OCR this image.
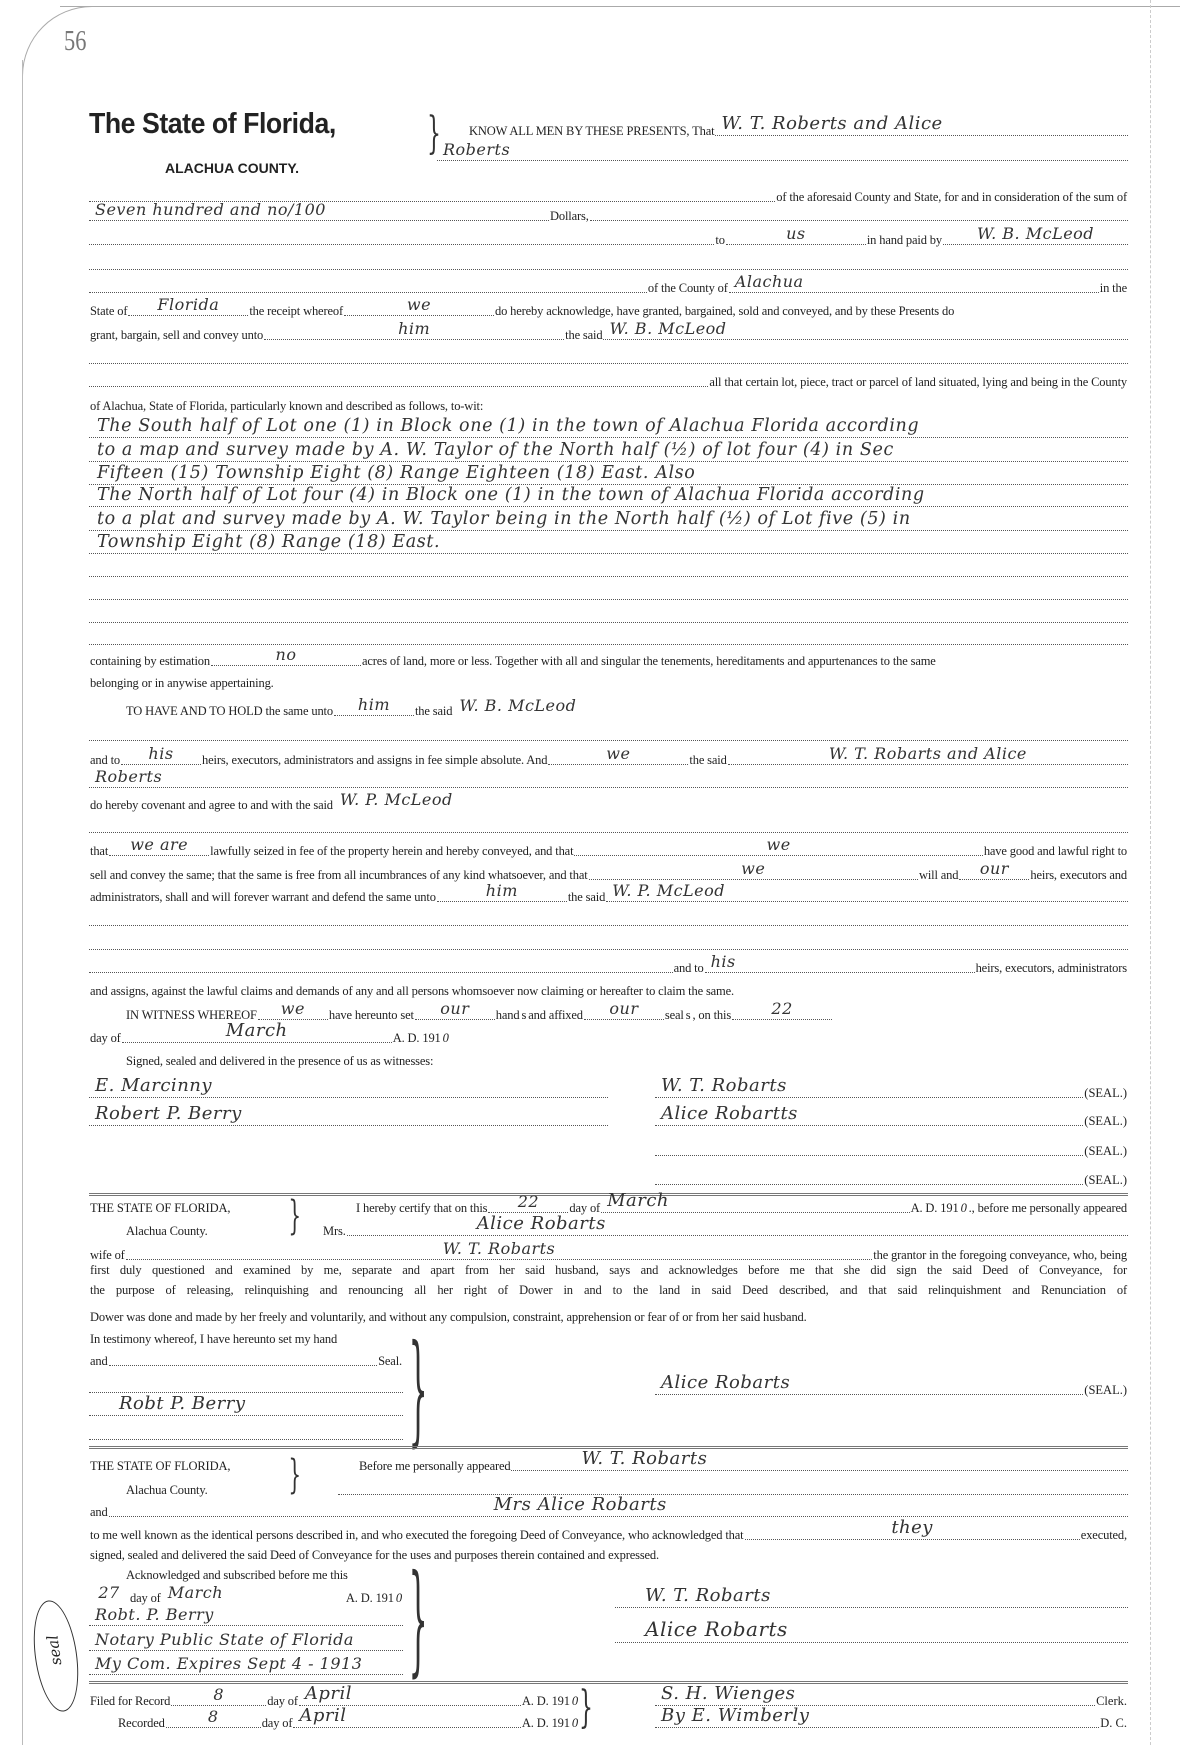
56
The State of Florida,
ALACHUA COUNTY.
} KNOW ALL MEN BY THESE PRESENTS, That W. T. Roberts and Alice
Roberts
of the aforesaid County and State, for and in consideration of the sum of
Seven hundred and no/100	Dollars,
to	us	in hand paid by	W. B. McLeod
of the County of Alachua	in the
State of	Florida	the receipt whereof	we	do hereby acknowledge, have granted, bargained, sold and conveyed, and by these Presents do
grant, bargain, sell and convey unto	him	the said W. B. McLeod
all that certain lot, piece, tract or parcel of land situated, lying and being in the County
of Alachua, State of Florida, particularly known and described as follows, to-wit:
The South half of Lot one (1) in Block one (1) in the town of Alachua Florida according
to a map and survey made by A. W. Taylor of the North half (½) of lot four (4) in Sec
Fifteen (15) Township Eight (8) Range Eighteen (18) East. Also
The North half of Lot four (4) in Block one (1) in the town of Alachua Florida according
to a plat and survey made by A. W. Taylor being in the North half (½) of Lot five (5) in
Township Eight (8) Range (18) East.
containing by estimation	no	acres of land, more or less. Together with all and singular the tenements, hereditaments and appurtenances to the same
belonging or in anywise appertaining.
TO HAVE AND TO HOLD the same unto	him	the said W. B. McLeod
and to	his	heirs, executors, administrators and assigns in fee simple absolute. And	we	the said	W. T. Robarts and Alice
Roberts
do hereby covenant and agree to and with the said W. P. McLeod
that	we are	lawfully seized in fee of the property herein and hereby conveyed, and that	we	have good and lawful right to
sell and convey the same; that the same is free from all incumbrances of any kind whatsoever, and that	we	will and	our	heirs, executors and
administrators, shall and will forever warrant and defend the same unto	him	the said W. P. McLeod
and to his	heirs, executors, administrators
and assigns, against the lawful claims and demands of any and all persons whomsoever now claiming or hereafter to claim the same.
IN WITNESS WHEREOF	we	have hereunto set	our	hand s and affixed	our	seal s , on this	22
day of	March	A. D. 191 0
Signed, sealed and delivered in the presence of us as witnesses:
E. Marcinny
Robert P. Berry
W. T. Robarts	(SEAL.)
Alice Robartts	(SEAL.)
(SEAL.)
(SEAL.)
THE STATE OF FLORIDA,
Alachua County. }	I hereby certify that on this	22	day of March	A. D. 191 0 ., before me personally appeared
Mrs.	Alice Robarts
wife of	W. T. Robarts	the grantor in the foregoing conveyance, who, being
first duly questioned and examined by me, separate and apart from her said husband, says and acknowledges before me that she did sign the said Deed of Conveyance, for
the purpose of releasing, relinquishing and renouncing all her right of Dower in and to the land in said Deed described, and that said relinquishment and Renunciation of
Dower was done and made by her freely and voluntarily, and without any compulsion, constraint, apprehension or fear of or from her said husband.
In testimony whereof, I have hereunto set my hand
and	Seal. }
Robt P. Berry
Alice Robarts	(SEAL.)
THE STATE OF FLORIDA,
Alachua County. }	Before me personally appeared	W. T. Robarts
and	Mrs Alice Robarts
to me well known as the identical persons described in, and who executed the foregoing Deed of Conveyance, who acknowledged that	they	executed,
signed, sealed and delivered the said Deed of Conveyance for the uses and purposes therein contained and expressed.
Acknowledged and subscribed before me this
27 day of March	A. D. 191 0 }
Robt. P. Berry
Notary Public State of Florida
My Com. Expires Sept 4 - 1913
seal
W. T. Robarts
Alice Robarts
Filed for Record	8	day of April	A. D. 191 0
Recorded	8	day of April	A. D. 191 0 }	S. H. Wienges	Clerk.
By E. Wimberly	D. C.
